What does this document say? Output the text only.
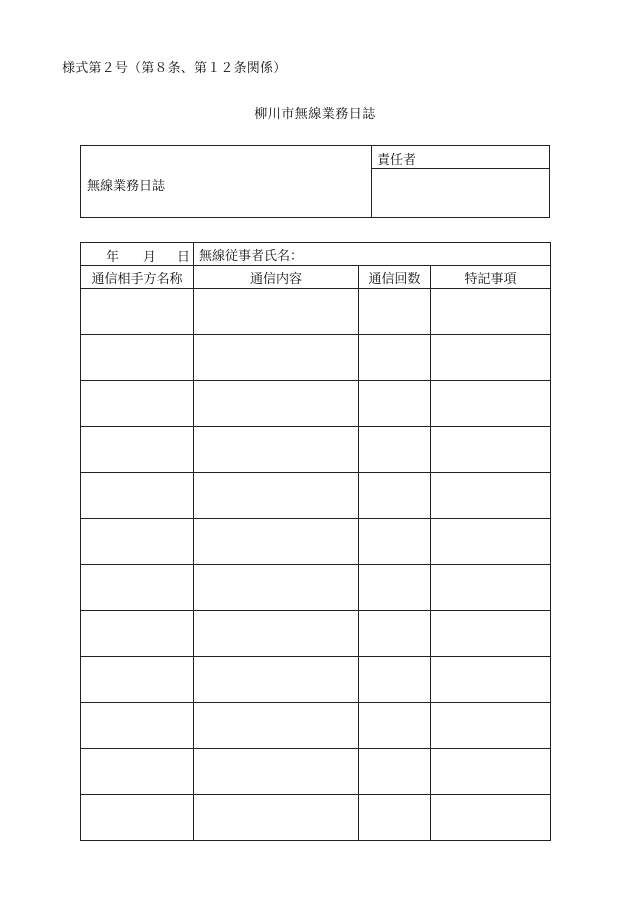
様式第２号（第８条、第１２条関係）
柳川市無線業務日誌
無線業務日誌
責任者
年 月 日	無線従事者氏名：		
通信相手方名称	通信内容	通信回数	特記事項
